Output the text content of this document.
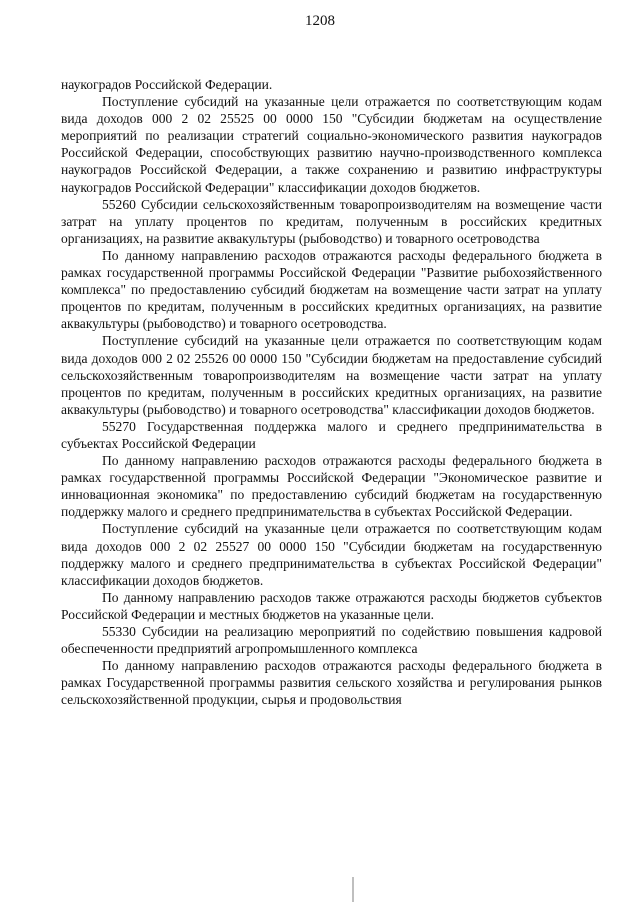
1208

наукоградов Российской Федерации.

Поступление субсидий на указанные цели отражается по соответствующим кодам вида доходов 000 2 02 25525 00 0000 150 "Субсидии бюджетам на осуществление мероприятий по реализации стратегий социально-экономического развития наукоградов Российской Федерации, способствующих развитию научно-производственного комплекса наукоградов Российской Федерации, а также сохранению и развитию инфраструктуры наукоградов Российской Федерации" классификации доходов бюджетов.

55260 Субсидии сельскохозяйственным товаропроизводителям на возмещение части затрат на уплату процентов по кредитам, полученным в российских кредитных организациях, на развитие аквакультуры (рыбоводство) и товарного осетроводства

По данному направлению расходов отражаются расходы федерального бюджета в рамках государственной программы Российской Федерации "Развитие рыбохозяйственного комплекса" по предоставлению субсидий бюджетам на возмещение части затрат на уплату процентов по кредитам, полученным в российских кредитных организациях, на развитие аквакультуры (рыбоводство) и товарного осетроводства.

Поступление субсидий на указанные цели отражается по соответствующим кодам вида доходов 000 2 02 25526 00 0000 150 "Субсидии бюджетам на предоставление субсидий сельскохозяйственным товаропроизводителям на возмещение части затрат на уплату процентов по кредитам, полученным в российских кредитных организациях, на развитие аквакультуры (рыбоводство) и товарного осетроводства" классификации доходов бюджетов.

55270 Государственная поддержка малого и среднего предпринимательства в субъектах Российской Федерации

По данному направлению расходов отражаются расходы федерального бюджета в рамках государственной программы Российской Федерации "Экономическое развитие и инновационная экономика" по предоставлению субсидий бюджетам на государственную поддержку малого и среднего предпринимательства в субъектах Российской Федерации.

Поступление субсидий на указанные цели отражается по соответствующим кодам вида доходов 000 2 02 25527 00 0000 150 "Субсидии бюджетам на государственную поддержку малого и среднего предпринимательства в субъектах Российской Федерации" классификации доходов бюджетов.

По данному направлению расходов также отражаются расходы бюджетов субъектов Российской Федерации и местных бюджетов на указанные цели.

55330 Субсидии на реализацию мероприятий по содействию повышения кадровой обеспеченности предприятий агропромышленного комплекса

По данному направлению расходов отражаются расходы федерального бюджета в рамках Государственной программы развития сельского хозяйства и регулирования рынков сельскохозяйственной продукции, сырья и продовольствия
